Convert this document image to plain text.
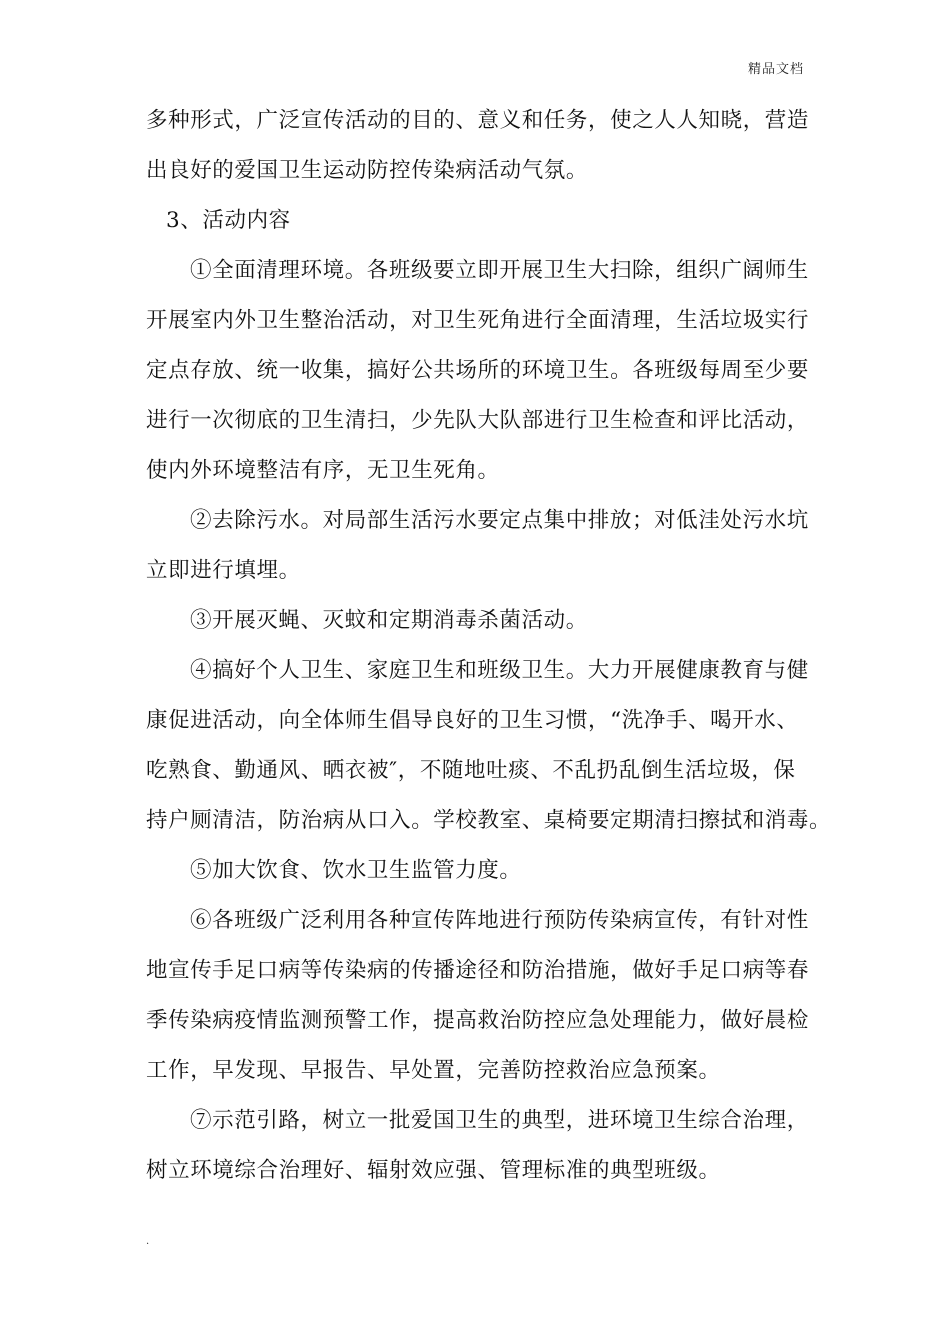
精品文档
多种形式，广泛宣传活动的目的、意义和任务，使之人人知晓，营造
出良好的爱国卫生运动防控传染病活动气氛。
3、活动内容
①全面清理环境。各班级要立即开展卫生大扫除，组织广阔师生
开展室内外卫生整治活动，对卫生死角进行全面清理，生活垃圾实行
定点存放、统一收集，搞好公共场所的环境卫生。各班级每周至少要
进行一次彻底的卫生清扫，少先队大队部进行卫生检查和评比活动，
使内外环境整洁有序，无卫生死角。
②去除污水。对局部生活污水要定点集中排放；对低洼处污水坑
立即进行填埋。
③开展灭蝇、灭蚊和定期消毒杀菌活动。
④搞好个人卫生、家庭卫生和班级卫生。大力开展健康教育与健
康促进活动，向全体师生倡导良好的卫生习惯，“洗净手、喝开水、
吃熟食、勤通风、晒衣被″，不随地吐痰、不乱扔乱倒生活垃圾，保
持户厕清洁，防治病从口入。学校教室、桌椅要定期清扫擦拭和消毒。
⑤加大饮食、饮水卫生监管力度。
⑥各班级广泛利用各种宣传阵地进行预防传染病宣传，有针对性
地宣传手足口病等传染病的传播途径和防治措施，做好手足口病等春
季传染病疫情监测预警工作，提高救治防控应急处理能力，做好晨检
工作，早发现、早报告、早处置，完善防控救治应急预案。
⑦示范引路，树立一批爱国卫生的典型，进环境卫生综合治理，
树立环境综合治理好、辐射效应强、管理标准的典型班级。
.
